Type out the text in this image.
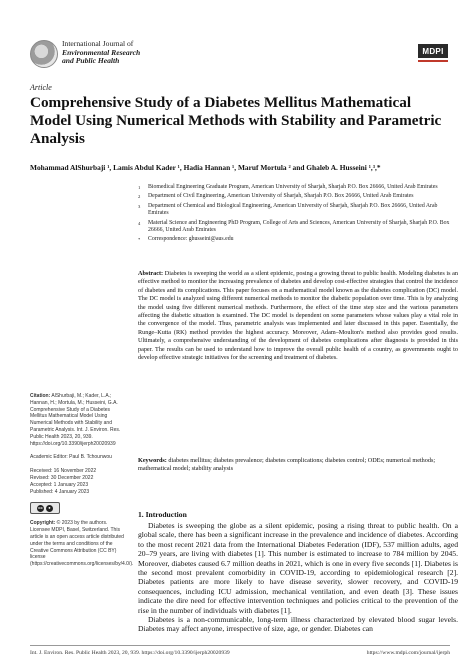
International Journal of
Environmental Research
and Public Health
MDPI
Article
Comprehensive Study of a Diabetes Mellitus Mathematical Model Using Numerical Methods with Stability and Parametric Analysis
Mohammad AlShurbaji ¹, Lamis Abdul Kader ¹, Hadia Hannan ¹, Maruf Mortula ² and Ghaleb A. Husseini ¹,³,*
1	Biomedical Engineering Graduate Program, American University of Sharjah, Sharjah P.O. Box 26666, United Arab Emirates
2	Department of Civil Engineering, American University of Sharjah, Sharjah P.O. Box 26666, United Arab Emirates
3	Department of Chemical and Biological Engineering, American University of Sharjah, Sharjah P.O. Box 26666, United Arab Emirates
4	Material Science and Engineering PhD Program, College of Arts and Sciences, American University of Sharjah, Sharjah P.O. Box 26666, United Arab Emirates
*	Correspondence: ghusseini@aus.edu
Abstract: Diabetes is sweeping the world as a silent epidemic, posing a growing threat to public health. Modeling diabetes is an effective method to monitor the increasing prevalence of diabetes and develop cost-effective strategies that control the incidence of diabetes and its complications. This paper focuses on a mathematical model known as the diabetes complication (DC) model. The DC model is analyzed using different numerical methods to monitor the diabetic population over time. This is by analyzing the model using five different numerical methods. Furthermore, the effect of the time step size and the various parameters affecting the diabetic situation is examined. The DC model is dependent on some parameters whose values play a vital role in the convergence of the model. Thus, parametric analysis was implemented and later discussed in this paper. Essentially, the Runge–Kutta (RK) method provides the highest accuracy. Moreover, Adam–Moulton's method also provides good results. Ultimately, a comprehensive understanding of the development of diabetes complications after diagnosis is provided in this paper. The results can be used to understand how to improve the overall public health of a country, as governments ought to develop effective strategic initiatives for the screening and treatment of diabetes.
Keywords: diabetes mellitus; diabetes prevalence; diabetes complications; diabetes control; ODEs; numerical methods; mathematical model; stability analysis
Citation: AlShurbaji, M.; Kader, L.A.; Hannan, H.; Mortula, M.; Husseini, G.A. Comprehensive Study of a Diabetes Mellitus Mathematical Model Using Numerical Methods with Stability and Parametric Analysis. Int. J. Environ. Res. Public Health 2023, 20, 939. https://doi.org/10.3390/ijerph20020939
Academic Editor: Paul B. Tchounwou
Received: 16 November 2022
Revised: 30 December 2022
Accepted: 1 January 2023
Published: 4 January 2023
cc	●
Copyright: © 2023 by the authors. Licensee MDPI, Basel, Switzerland. This article is an open access article distributed under the terms and conditions of the Creative Commons Attribution (CC BY) license (https://creativecommons.org/licenses/by/4.0/).
1. Introduction

Diabetes is sweeping the globe as a silent epidemic, posing a rising threat to public health. On a global scale, there has been a significant increase in the prevalence and incidence of diabetes. According to the most recent 2021 data from the International Diabetes Federation (IDF), 537 million adults, aged 20–79 years, are living with diabetes [1]. This number is estimated to increase to 784 million by 2045. Moreover, diabetes caused 6.7 million deaths in 2021, which is one in every five seconds [1]. Diabetes is the second most prevalent comorbidity in COVID-19, according to epidemiological research [2]. Diabetes patients are more likely to have disease severity, slower recovery, and COVID-19 consequences, including ICU admission, mechanical ventilation, and even death [3]. These issues indicate the dire need for effective intervention techniques and policies critical to the prevention of the rise in the number of individuals with diabetes [1].

Diabetes is a non-communicable, long-term illness characterized by elevated blood sugar levels. Diabetes may affect anyone, irrespective of size, age, or gender. Diabetes can

Int. J. Environ. Res. Public Health 2023, 20, 939. https://doi.org/10.3390/ijerph20020939	https://www.mdpi.com/journal/ijerph
